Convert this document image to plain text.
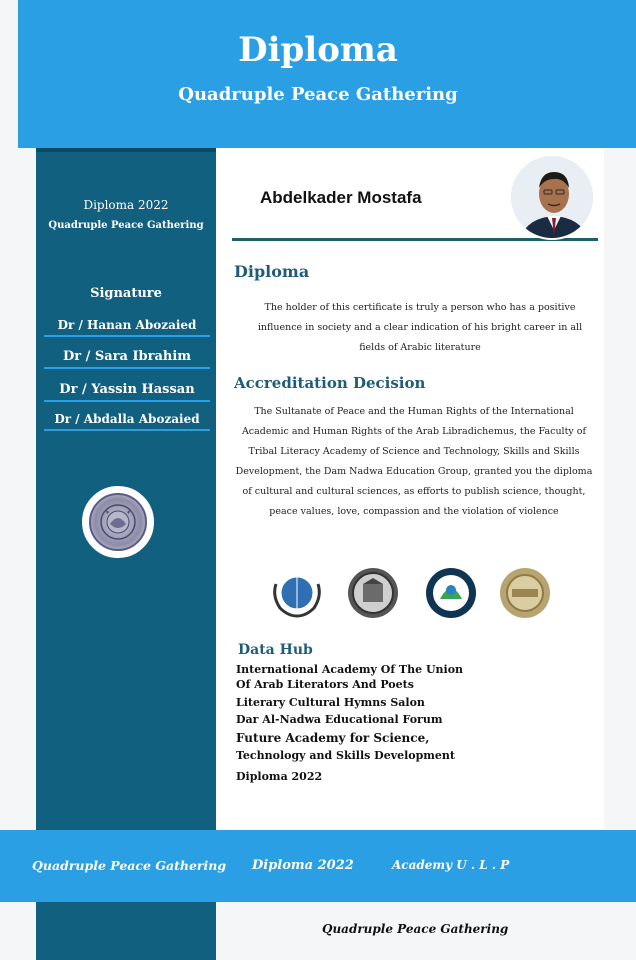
Diploma
Quadruple Peace Gathering
Diploma 2022
Quadruple Peace Gathering
Signature
Dr / Hanan Abozaied
Dr / Sara Ibrahim
Dr / Yassin Hassan
Dr / Abdalla Abozaied
Abdelkader Mostafa
Diploma
The holder of this certificate is truly a person who has a positive influence in society and a clear indication of his bright career in all fields of Arabic literature
Accreditation Decision
The Sultanate of Peace and the Human Rights of the International Academic and Human Rights of the Arab Libradichemus, the Faculty of Tribal Literacy Academy of Science and Technology, Skills and Skills Development, the Dam Nadwa Education Group, granted you the diploma of cultural and cultural sciences, as efforts to publish science, thought, peace values, love, compassion and the violation of violence
Data Hub
International Academy Of The Union
Of Arab Literators And Poets
Literary Cultural Hymns Salon
Dar Al-Nadwa Educational Forum
Future Academy for Science,
Technology and Skills Development
Diploma 2022
Quadruple Peace Gathering Diploma 2022	Academy U . L . P
Quadruple Peace Gathering
